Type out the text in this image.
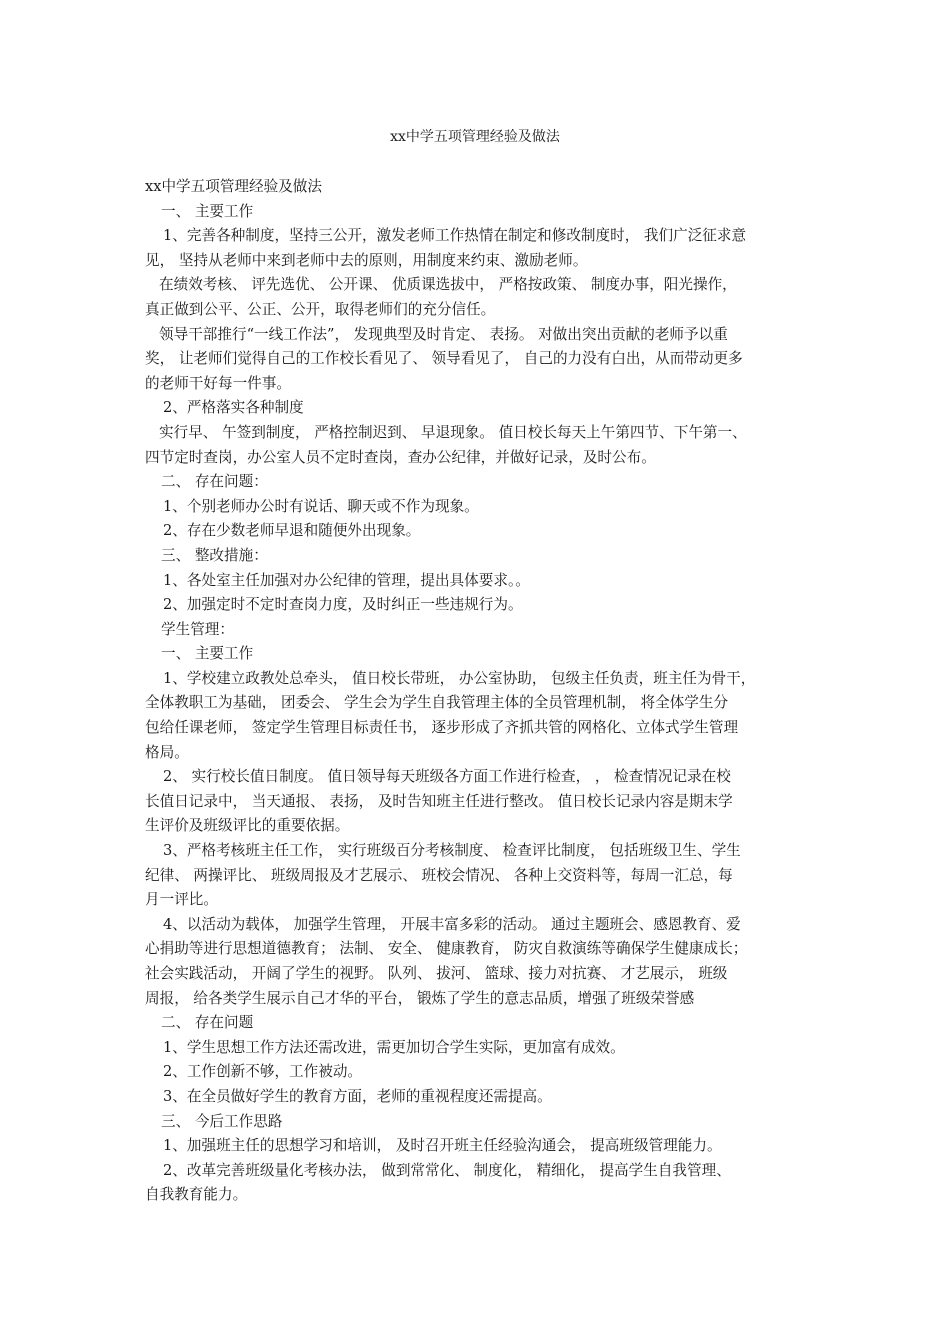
xx中学五项管理经验及做法

xx中学五项管理经验及做法

一、 主要工作

1、完善各种制度，坚持三公开，激发老师工作热情在制定和修改制度时， 我们广泛征求意

见， 坚持从老师中来到老师中去的原则，用制度来约束、激励老师。

在绩效考核、 评先选优、 公开课、 优质课选拔中， 严格按政策、 制度办事，阳光操作，

真正做到公平、公正、公开，取得老师们的充分信任。

领导干部推行“一线工作法”， 发现典型及时肯定、 表扬。 对做出突出贡献的老师予以重

奖， 让老师们觉得自己的工作校长看见了、 领导看见了， 自己的力没有白出，从而带动更多

的老师干好每一件事。

2、严格落实各种制度

实行早、 午签到制度， 严格控制迟到、 早退现象。 值日校长每天上午第四节、下午第一、

四节定时查岗，办公室人员不定时查岗，查办公纪律，并做好记录，及时公布。

二、 存在问题：

1、个别老师办公时有说话、聊天或不作为现象。

2、存在少数老师早退和随便外出现象。

三、 整改措施：

1、各处室主任加强对办公纪律的管理，提出具体要求。。

2、加强定时不定时查岗力度，及时纠正一些违规行为。

学生管理：

一、 主要工作

1、学校建立政教处总牵头， 值日校长带班， 办公室协助， 包级主任负责，班主任为骨干，

全体教职工为基础， 团委会、 学生会为学生自我管理主体的全员管理机制， 将全体学生分

包给任课老师， 签定学生管理目标责任书， 逐步形成了齐抓共管的网格化、立体式学生管理

格局。

2、 实行校长值日制度。 值日领导每天班级各方面工作进行检查， ， 检查情况记录在校

长值日记录中， 当天通报、 表扬， 及时告知班主任进行整改。 值日校长记录内容是期末学

生评价及班级评比的重要依据。

3、严格考核班主任工作， 实行班级百分考核制度、 检查评比制度， 包括班级卫生、学生

纪律、 两操评比、 班级周报及才艺展示、 班校会情况、 各种上交资料等，每周一汇总，每

月一评比。

4、以活动为载体， 加强学生管理， 开展丰富多彩的活动。 通过主题班会、感恩教育、爱

心捐助等进行思想道德教育； 法制、 安全、 健康教育， 防灾自救演练等确保学生健康成长；

社会实践活动， 开阔了学生的视野。 队列、 拔河、 篮球、接力对抗赛、 才艺展示， 班级

周报， 给各类学生展示自己才华的平台， 锻炼了学生的意志品质，增强了班级荣誉感

二、 存在问题

1、学生思想工作方法还需改进，需更加切合学生实际，更加富有成效。

2、工作创新不够，工作被动。

3、在全员做好学生的教育方面，老师的重视程度还需提高。

三、 今后工作思路

1、加强班主任的思想学习和培训， 及时召开班主任经验沟通会， 提高班级管理能力。

2、改革完善班级量化考核办法， 做到常常化、 制度化， 精细化， 提高学生自我管理、

自我教育能力。
